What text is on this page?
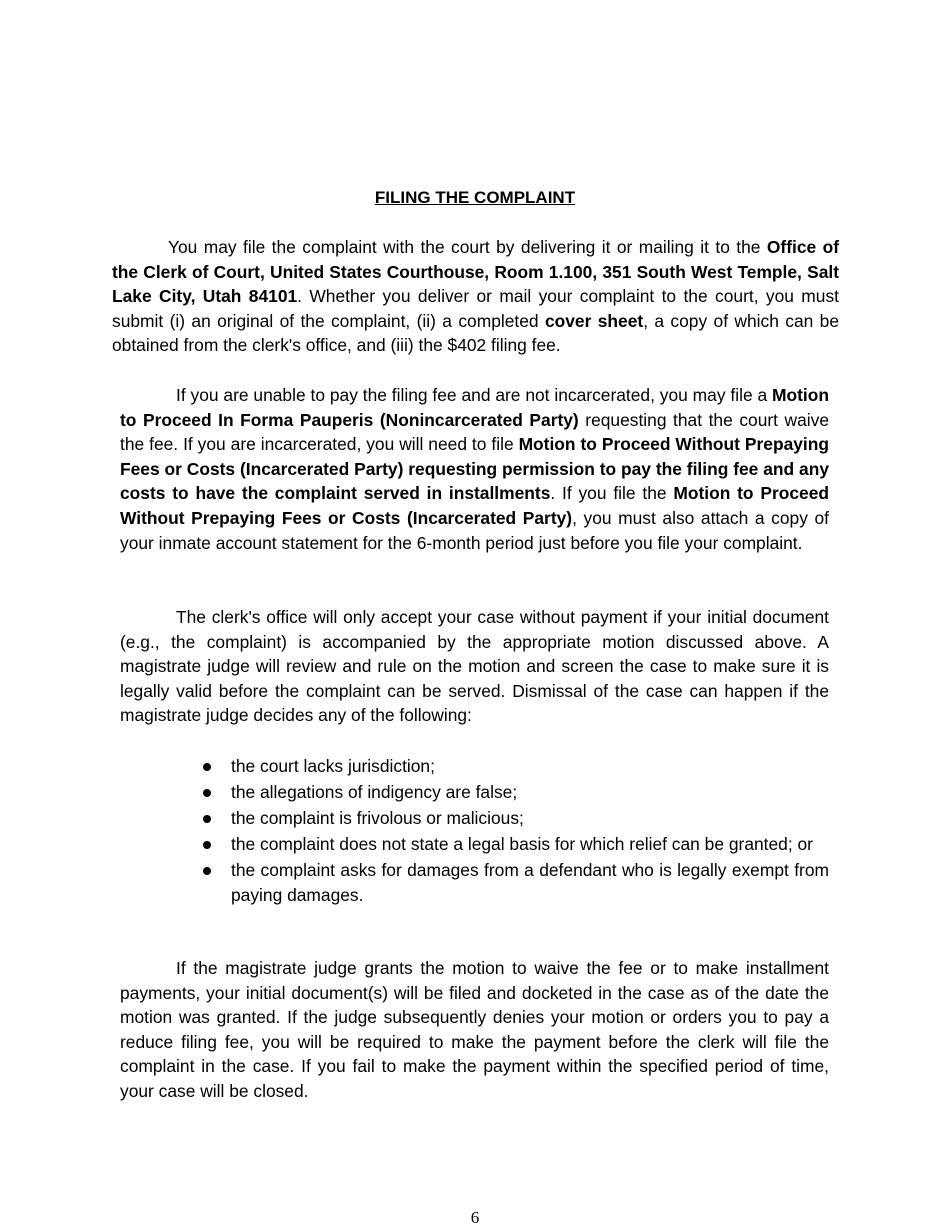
FILING THE COMPLAINT

You may file the complaint with the court by delivering it or mailing it to the Office of the Clerk of Court, United States Courthouse, Room 1.100, 351 South West Temple, Salt Lake City, Utah 84101. Whether you deliver or mail your complaint to the court, you must submit (i) an original of the complaint, (ii) a completed cover sheet, a copy of which can be obtained from the clerk's office, and (iii) the $402 filing fee.

If you are unable to pay the filing fee and are not incarcerated, you may file a Motion to Proceed In Forma Pauperis (Nonincarcerated Party) requesting that the court waive the fee. If you are incarcerated, you will need to file Motion to Proceed Without Prepaying Fees or Costs (Incarcerated Party) requesting permission to pay the filing fee and any costs to have the complaint served in installments. If you file the Motion to Proceed Without Prepaying Fees or Costs (Incarcerated Party), you must also attach a copy of your inmate account statement for the 6-month period just before you file your complaint.

The clerk's office will only accept your case without payment if your initial document (e.g., the complaint) is accompanied by the appropriate motion discussed above. A magistrate judge will review and rule on the motion and screen the case to make sure it is legally valid before the complaint can be served. Dismissal of the case can happen if the magistrate judge decides any of the following:

the court lacks jurisdiction;
the allegations of indigency are false;
the complaint is frivolous or malicious;
the complaint does not state a legal basis for which relief can be granted; or
the complaint asks for damages from a defendant who is legally exempt from paying damages.

If the magistrate judge grants the motion to waive the fee or to make installment payments, your initial document(s) will be filed and docketed in the case as of the date the motion was granted. If the judge subsequently denies your motion or orders you to pay a reduce filing fee, you will be required to make the payment before the clerk will file the complaint in the case. If you fail to make the payment within the specified period of time, your case will be closed.

6
